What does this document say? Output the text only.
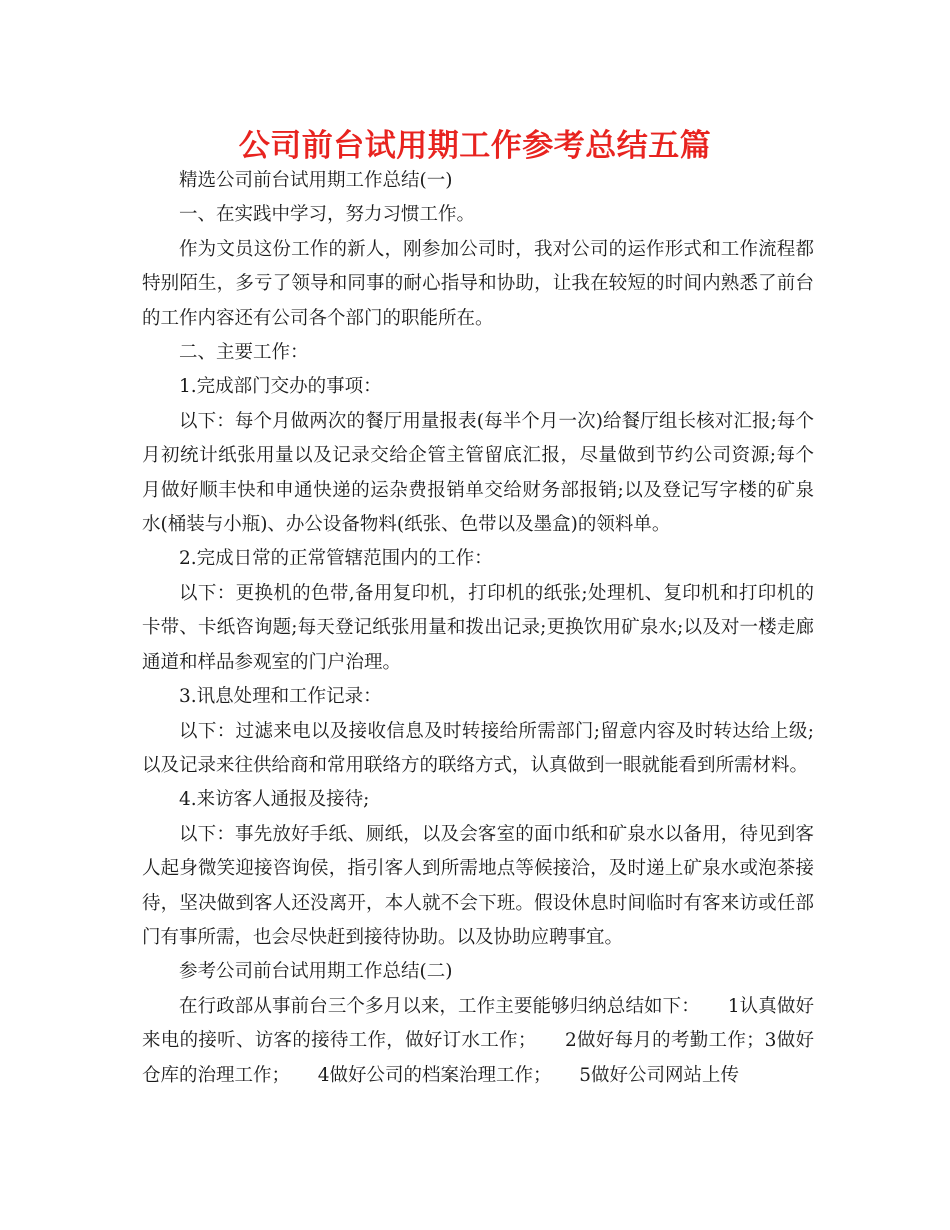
公司前台试用期工作参考总结五篇

精选公司前台试用期工作总结(一)

一、在实践中学习，努力习惯工作。

作为文员这份工作的新人，刚参加公司时，我对公司的运作形式和工作流程都特别陌生，多亏了领导和同事的耐心指导和协助，让我在较短的时间内熟悉了前台的工作内容还有公司各个部门的职能所在。

二、主要工作：

1.完成部门交办的事项：

以下：每个月做两次的餐厅用量报表(每半个月一次)给餐厅组长核对汇报;每个月初统计纸张用量以及记录交给企管主管留底汇报，尽量做到节约公司资源;每个月做好顺丰快和申通快递的运杂费报销单交给财务部报销;以及登记写字楼的矿泉水(桶装与小瓶)、办公设备物料(纸张、色带以及墨盒)的领料单。

2.完成日常的正常管辖范围内的工作：

以下：更换机的色带,备用复印机，打印机的纸张;处理机、复印机和打印机的卡带、卡纸咨询题;每天登记纸张用量和拨出记录;更换饮用矿泉水;以及对一楼走廊通道和样品参观室的门户治理。

3.讯息处理和工作记录：

以下：过滤来电以及接收信息及时转接给所需部门;留意内容及时转达给上级;以及记录来往供给商和常用联络方的联络方式，认真做到一眼就能看到所需材料。

4.来访客人通报及接待;

以下：事先放好手纸、厕纸，以及会客室的面巾纸和矿泉水以备用，待见到客人起身微笑迎接咨询侯，指引客人到所需地点等候接洽，及时递上矿泉水或泡茶接待，坚决做到客人还没离开，本人就不会下班。假设休息时间临时有客来访或任部门有事所需，也会尽快赶到接待协助。以及协助应聘事宜。

参考公司前台试用期工作总结(二)

在行政部从事前台三个多月以来，工作主要能够归纳总结如下：　　1认真做好来电的接听、访客的接待工作，做好订水工作；　　2做好每月的考勤工作；3做好仓库的治理工作；　　4做好公司的档案治理工作；　　5做好公司网站上传
